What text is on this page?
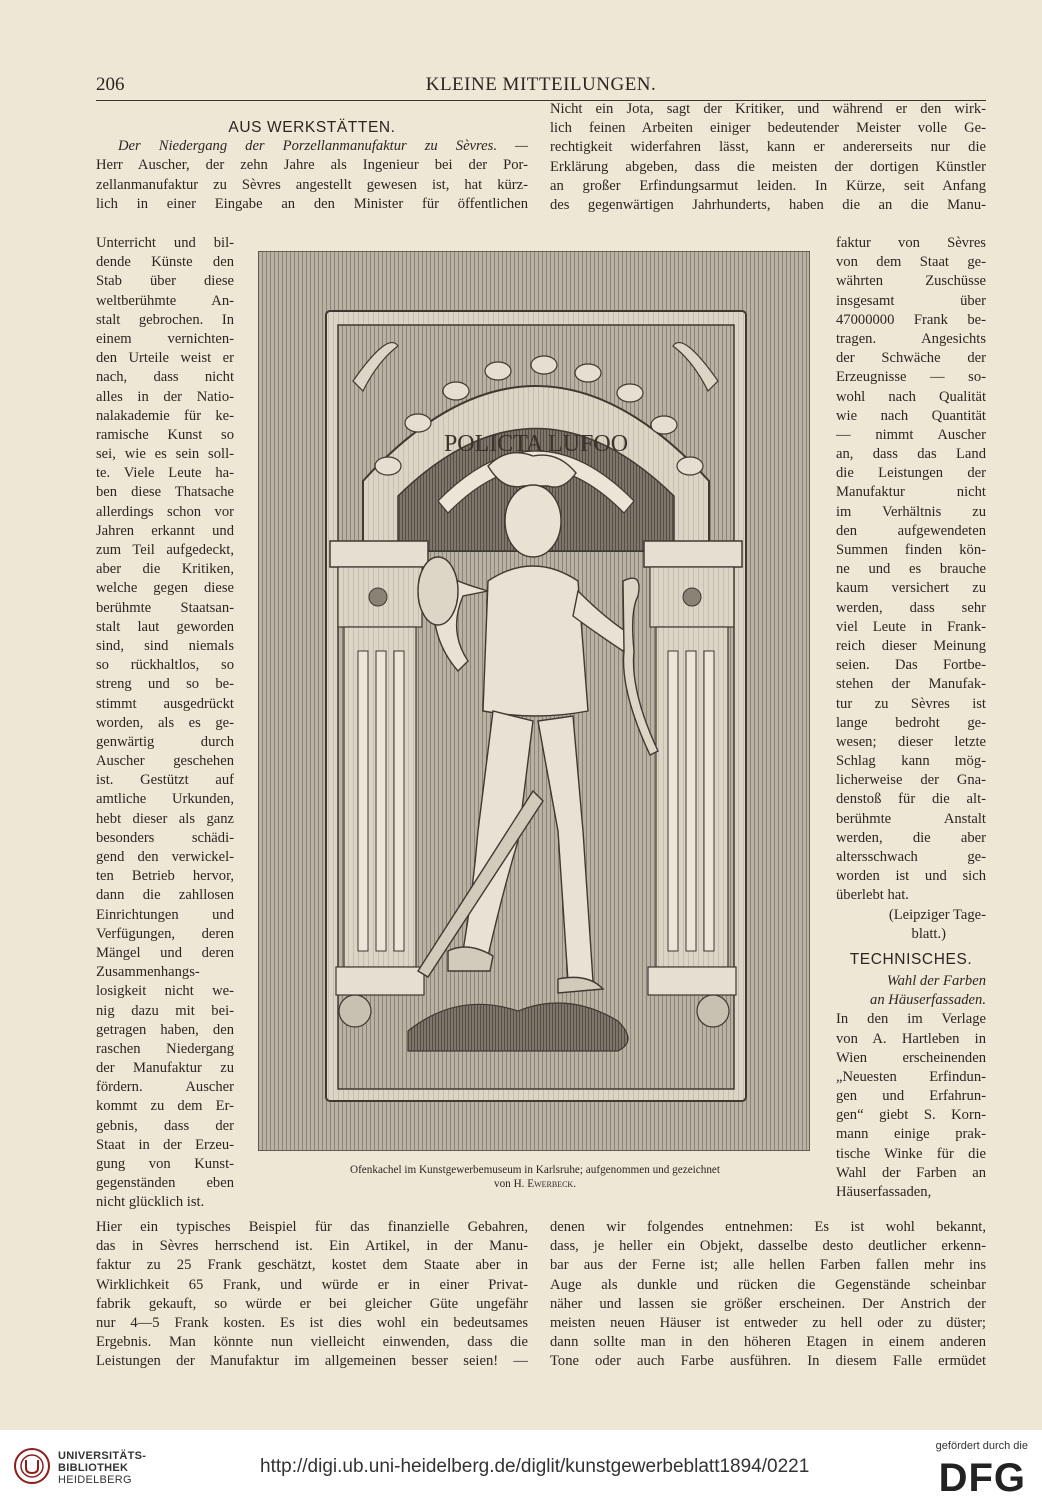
206	KLEINE MITTEILUNGEN.
AUS WERKSTÄTTEN.
Der Niedergang der Porzellanmanufaktur zu Sèvres. —
Herr Auscher, der zehn Jahre als Ingenieur bei der Por-
zellanmanufaktur zu Sèvres angestellt gewesen ist, hat kürz-
lich in einer Eingabe an den Minister für öffentlichen
Nicht ein Jota, sagt der Kritiker, und während er den wirk-
lich feinen Arbeiten einiger bedeutender Meister volle Ge-
rechtigkeit widerfahren lässt, kann er andererseits nur die
Erklärung abgeben, dass die meisten der dortigen Künstler
an großer Erfindungsarmut leiden. In Kürze, seit Anfang
des gegenwärtigen Jahrhunderts, haben die an die Manu-
Unterricht und bil-
dende Künste den
Stab über diese
weltberühmte An-
stalt gebrochen. In
einem vernichten-
den Urteile weist er
nach, dass nicht
alles in der Natio-
nalakademie für ke-
ramische Kunst so
sei, wie es sein soll-
te. Viele Leute ha-
ben diese Thatsache
allerdings schon vor
Jahren erkannt und
zum Teil aufgedeckt,
aber die Kritiken,
welche gegen diese
berühmte Staatsan-
stalt laut geworden
sind, sind niemals
so rückhaltlos, so
streng und so be-
stimmt ausgedrückt
worden, als es ge-
genwärtig durch
Auscher geschehen
ist. Gestützt auf
amtliche Urkunden,
hebt dieser als ganz
besonders schädi-
gend den verwickel-
ten Betrieb hervor,
dann die zahllosen
Einrichtungen und
Verfügungen, deren
Mängel und deren
Zusammenhangs-
losigkeit nicht we-
nig dazu mit bei-
getragen haben, den
raschen Niedergang
der Manufaktur zu
fördern. Auscher
kommt zu dem Er-
gebnis, dass der
Staat in der Erzeu-
gung von Kunst-
gegenständen eben
nicht glücklich ist.
faktur von Sèvres
von dem Staat ge-
währten Zuschüsse
insgesamt über
47000000 Frank be-
tragen. Angesichts
der Schwäche der
Erzeugnisse — so-
wohl nach Qualität
wie nach Quantität
— nimmt Auscher
an, dass das Land
die Leistungen der
Manufaktur nicht
im Verhältnis zu
den aufgewendeten
Summen finden kön-
ne und es brauche
kaum versichert zu
werden, dass sehr
viel Leute in Frank-
reich dieser Meinung
seien. Das Fortbe-
stehen der Manufak-
tur zu Sèvres ist
lange bedroht ge-
wesen; dieser letzte
Schlag kann mög-
licherweise der Gna-
denstoß für die alt-
berühmte Anstalt
werden, die aber
altersschwach ge-
worden ist und sich
überlebt hat.
(Leipziger Tage-
blatt.)
TECHNISCHES.
Wahl der Farben
an Häuserfassaden.
In den im Verlage
von A. Hartleben in
Wien erscheinenden
„Neuesten Erfindun-
gen und Erfahrun-
gen“ giebt S. Korn-
mann einige prak-
tische Winke für die
Wahl der Farben an
Häuserfassaden,
Hier ein typisches Beispiel für das finanzielle Gebahren,
das in Sèvres herrschend ist. Ein Artikel, in der Manu-
faktur zu 25 Frank geschätzt, kostet dem Staate aber in
Wirklichkeit 65 Frank, und würde er in einer Privat-
fabrik gekauft, so würde er bei gleicher Güte ungefähr
nur 4—5 Frank kosten. Es ist dies wohl ein bedeutsames
Ergebnis. Man könnte nun vielleicht einwenden, dass die
Leistungen der Manufaktur im allgemeinen besser seien! —
denen wir folgendes entnehmen: Es ist wohl bekannt,
dass, je heller ein Objekt, dasselbe desto deutlicher erkenn-
bar aus der Ferne ist; alle hellen Farben fallen mehr ins
Auge als dunkle und rücken die Gegenstände scheinbar
näher und lassen sie größer erscheinen. Der Anstrich der
meisten neuen Häuser ist entweder zu hell oder zu düster;
dann sollte man in den höheren Etagen in einem anderen
Tone oder auch Farbe ausführen. In diesem Falle ermüdet
POLICTA LUFOO
Ofenkachel im Kunstgewerbemuseum in Karlsruhe; aufgenommen und gezeichnet
von H. Ewerbeck.
UNIVERSITÄTS-
BIBLIOTHEK
HEIDELBERG
http://digi.ub.uni-heidelberg.de/diglit/kunstgewerbeblatt1894/0221
gefördert durch die
DFG
